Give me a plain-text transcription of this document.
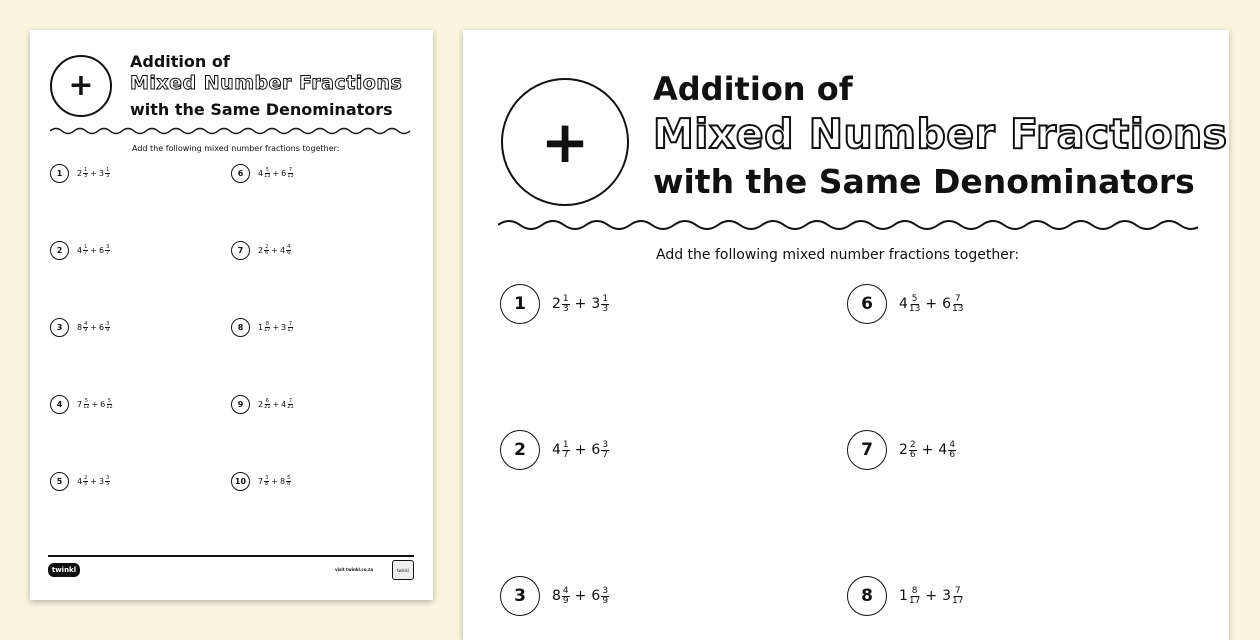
+
Addition of
Mixed Number Fractions
with the Same Denominators
Add the following mixed number fractions together:
1	$2 \frac{1}{3} + 3 \frac{1}{3}$
2	$4 \frac{1}{7} + 6 \frac{3}{7}$
3	$8 \frac{4}{9} + 6 \frac{3}{9}$
4	$7 \frac{5}{12} + 6 \frac{5}{12}$
5	$4 \frac{2}{5} + 3 \frac{3}{5}$
6	$4 \frac{5}{13} + 6 \frac{7}{13}$
7	$2 \frac{2}{6} + 4 \frac{4}{6}$
8	$1 \frac{8}{17} + 3 \frac{7}{17}$
9	$2 \frac{6}{21} + 4 \frac{7}{21}$
10	$7 \frac{3}{8} + 8 \frac{5}{8}$
twinkl	visit twinkl.co.za	twinkl
+
Addition of
Mixed Number Fractions
with the Same Denominators
Add the following mixed number fractions together:
1	$2 \frac{1}{3} + 3 \frac{1}{3}$
2	$4 \frac{1}{7} + 6 \frac{3}{7}$
3	$8 \frac{4}{9} + 6 \frac{3}{9}$
6	$4 \frac{5}{13} + 6 \frac{7}{13}$
7	$2 \frac{2}{6} + 4 \frac{4}{6}$
8	$1 \frac{8}{17} + 3 \frac{7}{17}$
